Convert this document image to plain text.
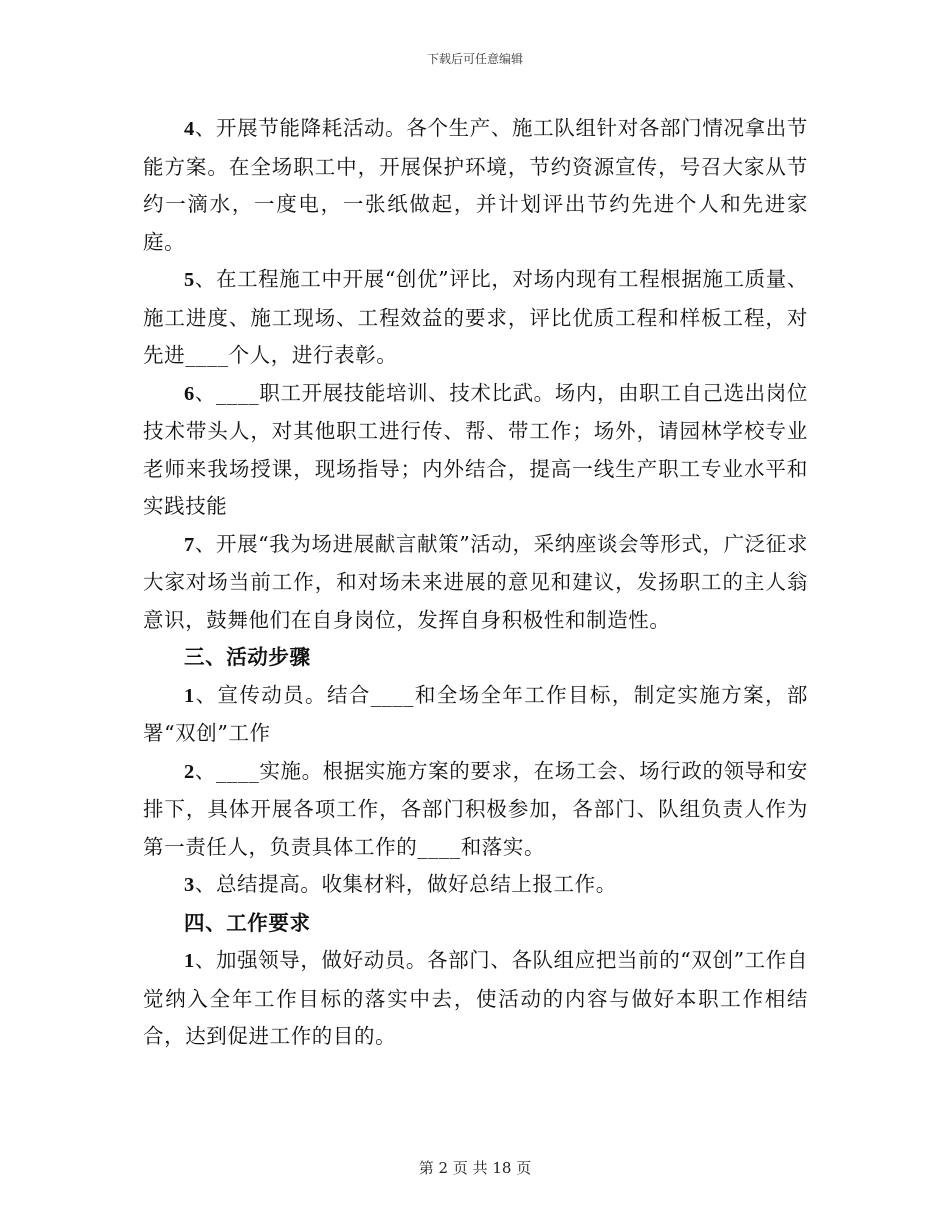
下载后可任意编辑

4、开展节能降耗活动。各个生产、施工队组针对各部门情况拿出节能方案。在全场职工中，开展保护环境，节约资源宣传，号召大家从节约一滴水，一度电，一张纸做起，并计划评出节约先进个人和先进家庭。

5、在工程施工中开展“创优”评比，对场内现有工程根据施工质量、施工进度、施工现场、工程效益的要求，评比优质工程和样板工程，对先进____个人，进行表彰。

6、____职工开展技能培训、技术比武。场内，由职工自己选出岗位技术带头人，对其他职工进行传、帮、带工作；场外，请园林学校专业老师来我场授课，现场指导；内外结合，提高一线生产职工专业水平和实践技能

7、开展“我为场进展献言献策”活动，采纳座谈会等形式，广泛征求大家对场当前工作，和对场未来进展的意见和建议，发扬职工的主人翁意识，鼓舞他们在自身岗位，发挥自身积极性和制造性。

三、活动步骤

1、宣传动员。结合____和全场全年工作目标，制定实施方案，部署“双创”工作

2、____实施。根据实施方案的要求，在场工会、场行政的领导和安排下，具体开展各项工作，各部门积极参加，各部门、队组负责人作为第一责任人，负责具体工作的____和落实。

3、总结提高。收集材料，做好总结上报工作。

四、工作要求

1、加强领导，做好动员。各部门、各队组应把当前的“双创”工作自觉纳入全年工作目标的落实中去，使活动的内容与做好本职工作相结合，达到促进工作的目的。

第 2 页 共 18 页
